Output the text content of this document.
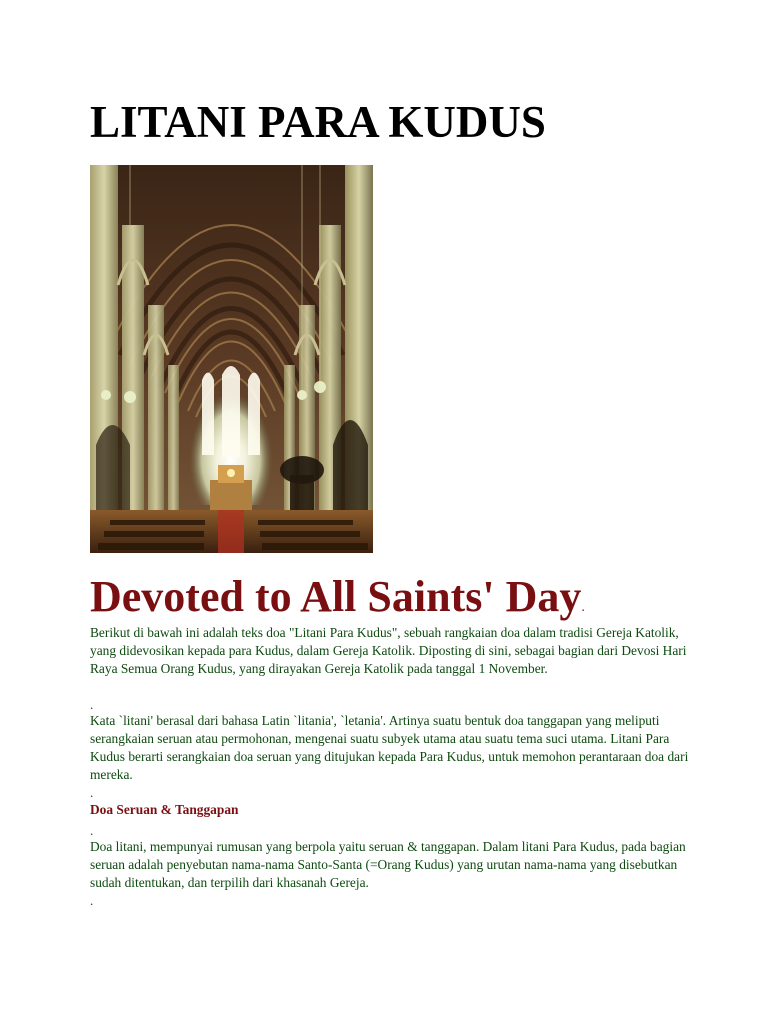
LITANI PARA KUDUS
Devoted to All Saints' Day.

Berikut di bawah ini adalah teks doa "Litani Para Kudus", sebuah rangkaian doa dalam tradisi Gereja Katolik, yang didevosikan kepada para Kudus, dalam Gereja Katolik. Diposting di sini, sebagai bagian dari Devosi Hari Raya Semua Orang Kudus, yang dirayakan Gereja Katolik pada tanggal 1 November.

.

Kata `litani' berasal dari bahasa Latin `litania', `letania'. Artinya suatu bentuk doa tanggapan yang meliputi serangkaian seruan atau permohonan, mengenai suatu subyek utama atau suatu tema suci utama. Litani Para Kudus berarti serangkaian doa seruan yang ditujukan kepada Para Kudus, untuk memohon perantaraan doa dari mereka.

.

Doa Seruan & Tanggapan

.

Doa litani, mempunyai rumusan yang berpola yaitu seruan & tanggapan. Dalam litani Para Kudus, pada bagian seruan adalah penyebutan nama-nama Santo-Santa (=Orang Kudus) yang urutan nama-nama yang disebutkan sudah ditentukan, dan terpilih dari khasanah Gereja.

.
